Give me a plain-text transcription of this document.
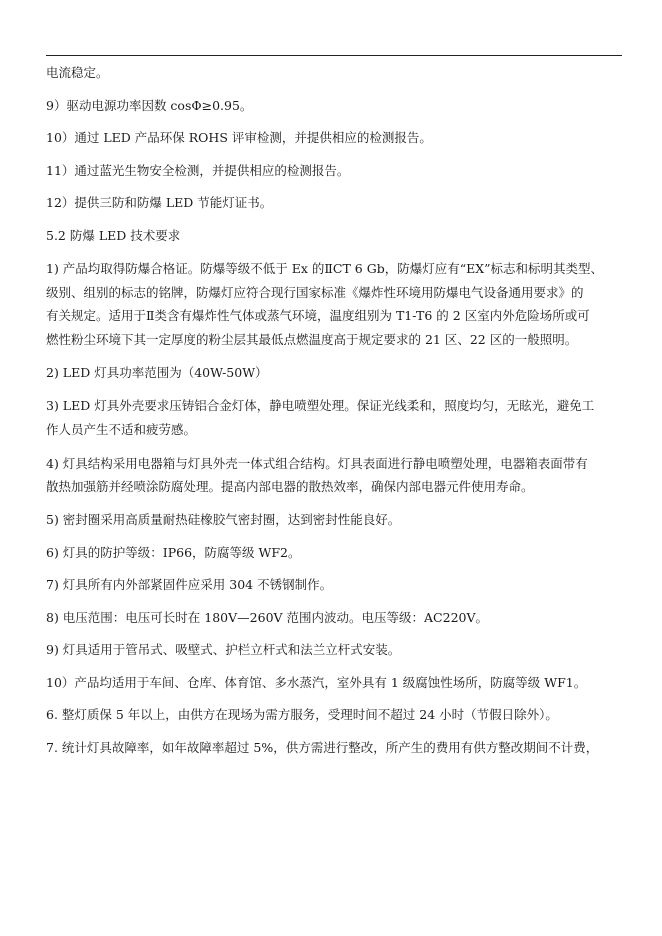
电流稳定。
9）驱动电源功率因数 cosΦ≥0.95。
10）通过 LED 产品环保 ROHS 评审检测，并提供相应的检测报告。
11）通过蓝光生物安全检测，并提供相应的检测报告。
12）提供三防和防爆 LED 节能灯证书。
5.2 防爆 LED 技术要求
1) 产品均取得防爆合格证。防爆等级不低于 Ex 的ⅡCT 6 Gb，防爆灯应有“EX”标志和标明其类型、
级别、组别的标志的铭牌，防爆灯应符合现行国家标准《爆炸性环境用防爆电气设备通用要求》的
有关规定。适用于Ⅱ类含有爆炸性气体或蒸气环境，温度组别为 T1-T6 的 2 区室内外危险场所或可
燃性粉尘环境下其一定厚度的粉尘层其最低点燃温度高于规定要求的 21 区、22 区的一般照明。
2) LED 灯具功率范围为（40W-50W）
3) LED 灯具外壳要求压铸铝合金灯体，静电喷塑处理。保证光线柔和，照度均匀，无眩光，避免工
作人员产生不适和疲劳感。
4) 灯具结构采用电器箱与灯具外壳一体式组合结构。灯具表面进行静电喷塑处理，电器箱表面带有
散热加强筋并经喷涂防腐处理。提高内部电器的散热效率，确保内部电器元件使用寿命。
5) 密封圈采用高质量耐热硅橡胶气密封圈，达到密封性能良好。
6) 灯具的防护等级：IP66，防腐等级 WF2。
7) 灯具所有内外部紧固件应采用 304 不锈钢制作。
8) 电压范围：电压可长时在 180V—260V 范围内波动。电压等级：AC220V。
9) 灯具适用于管吊式、吸壁式、护栏立杆式和法兰立杆式安装。
10）产品均适用于车间、仓库、体育馆、多水蒸汽，室外具有 1 级腐蚀性场所，防腐等级 WF1。
6. 整灯质保 5 年以上，由供方在现场为需方服务，受理时间不超过 24 小时（节假日除外）。
7. 统计灯具故障率，如年故障率超过 5%，供方需进行整改，所产生的费用有供方整改期间不计费，
